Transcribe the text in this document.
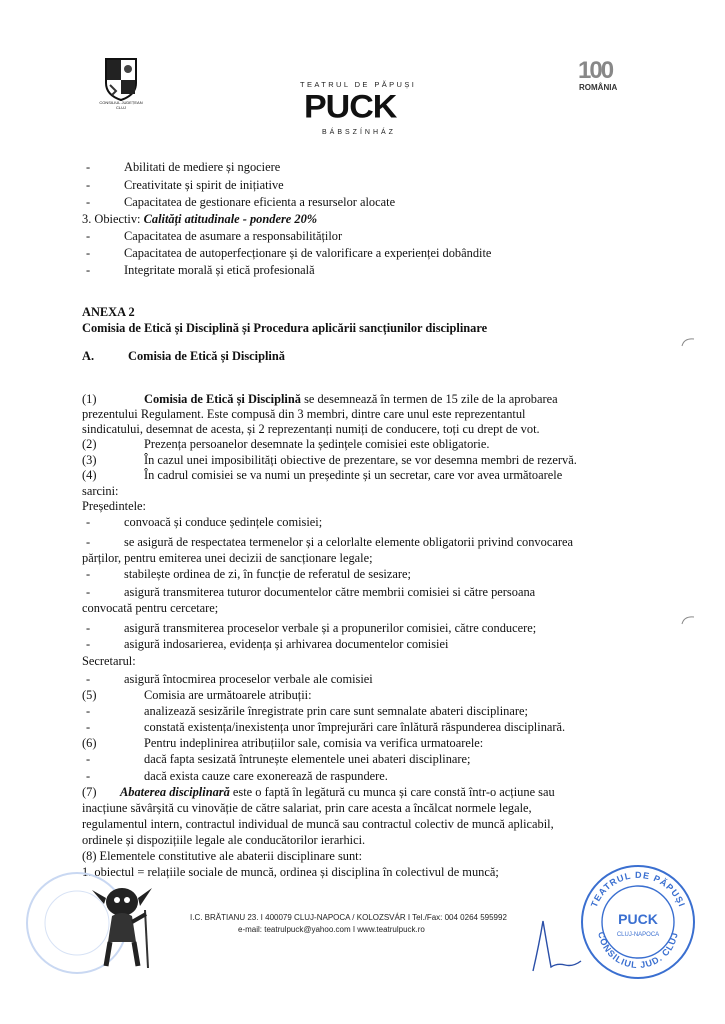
CONSILIUL JUDEȚEAN CLUJ
TEATRUL DE PĂPUȘI
PUCK
BÁBSZÍNHÁZ
100
ROMÂNIA
-	Abilitati de mediere și ngociere
-	Creativitate și spirit de inițiative
-	Capacitatea de gestionare eficienta a resurselor alocate
3. Obiectiv: Calități atitudinale - pondere 20%
-	Capacitatea de asumare a responsabilităților
-	Capacitatea de autoperfecționare și de valorificare a experienței dobândite
-	Integritate morală și etică profesională
ANEXA 2
Comisia de Etică și Disciplină și Procedura aplicării sancțiunilor disciplinare
A.	Comisia de Etică și Disciplină
(1)	Comisia de Etică și Disciplină se desemnează în termen de 15 zile de la aprobarea
prezentului Regulament. Este compusă din 3 membri, dintre care unul este reprezentantul
sindicatului, desemnat de acesta, și 2 reprezentanți numiți de conducere, toți cu drept de vot.
(2)	Prezența persoanelor desemnate la ședințele comisiei este obligatorie.
(3)	În cazul unei imposibilități obiective de prezentare, se vor desemna membri de rezervă.
(4)	În cadrul comisiei se va numi un președinte și un secretar, care vor avea următoarele
sarcini:
Președintele:
-	convoacă și conduce ședințele comisiei;
-	se asigură de respectatea termenelor și a celorlalte elemente obligatorii privind convocarea
părților, pentru emiterea unei decizii de sancționare legale;
-	stabilește ordinea de zi, în funcție de referatul de sesizare;
-	asigură transmiterea tuturor documentelor către membrii comisiei si către persoana
convocată pentru cercetare;
-	asigură transmiterea proceselor verbale și a propunerilor comisiei, către conducere;
-	asigură indosarierea, evidența și arhivarea documentelor comisiei
Secretarul:
-	asigură întocmirea proceselor verbale ale comisiei
(5)	Comisia are următoarele atribuții:
-	analizează sesizările înregistrate prin care sunt semnalate abateri disciplinare;
-	constată existența/inexistența unor împrejurări care înlătură răspunderea disciplinară.
(6)	Pentru indeplinirea atribuțiilor sale, comisia va verifica urmatoarele:
-	dacă fapta sesizată întrunește elementele unei abateri disciplinare;
-	dacă exista cauze care exonerează de raspundere.
(7) Abaterea disciplinară este o faptă în legătură cu munca și care constă într-o acțiune sau
inacțiune săvârșită cu vinovăție de către salariat, prin care acesta a încălcat normele legale,
regulamentul intern, contractul individual de muncă sau contractul colectiv de muncă aplicabil,
ordinele și dispozițiile legale ale conducătorilor ierarhici.
(8) Elementele constitutive ale abaterii disciplinare sunt:
1. obiectul = relațiile sociale de muncă, ordinea și disciplina în colectivul de muncă;
I.C. BRĂTIANU 23. I 400079 CLUJ-NAPOCA / KOLOZSVÁR I Tel./Fax: 004 0264 595992
e-mail: teatrulpuck@yahoo.com I www.teatrulpuck.ro
TEATRUL DE PĂPUȘI
CONSILIUL JUD. CLUJ
PUCK
CLUJ-NAPOCA
